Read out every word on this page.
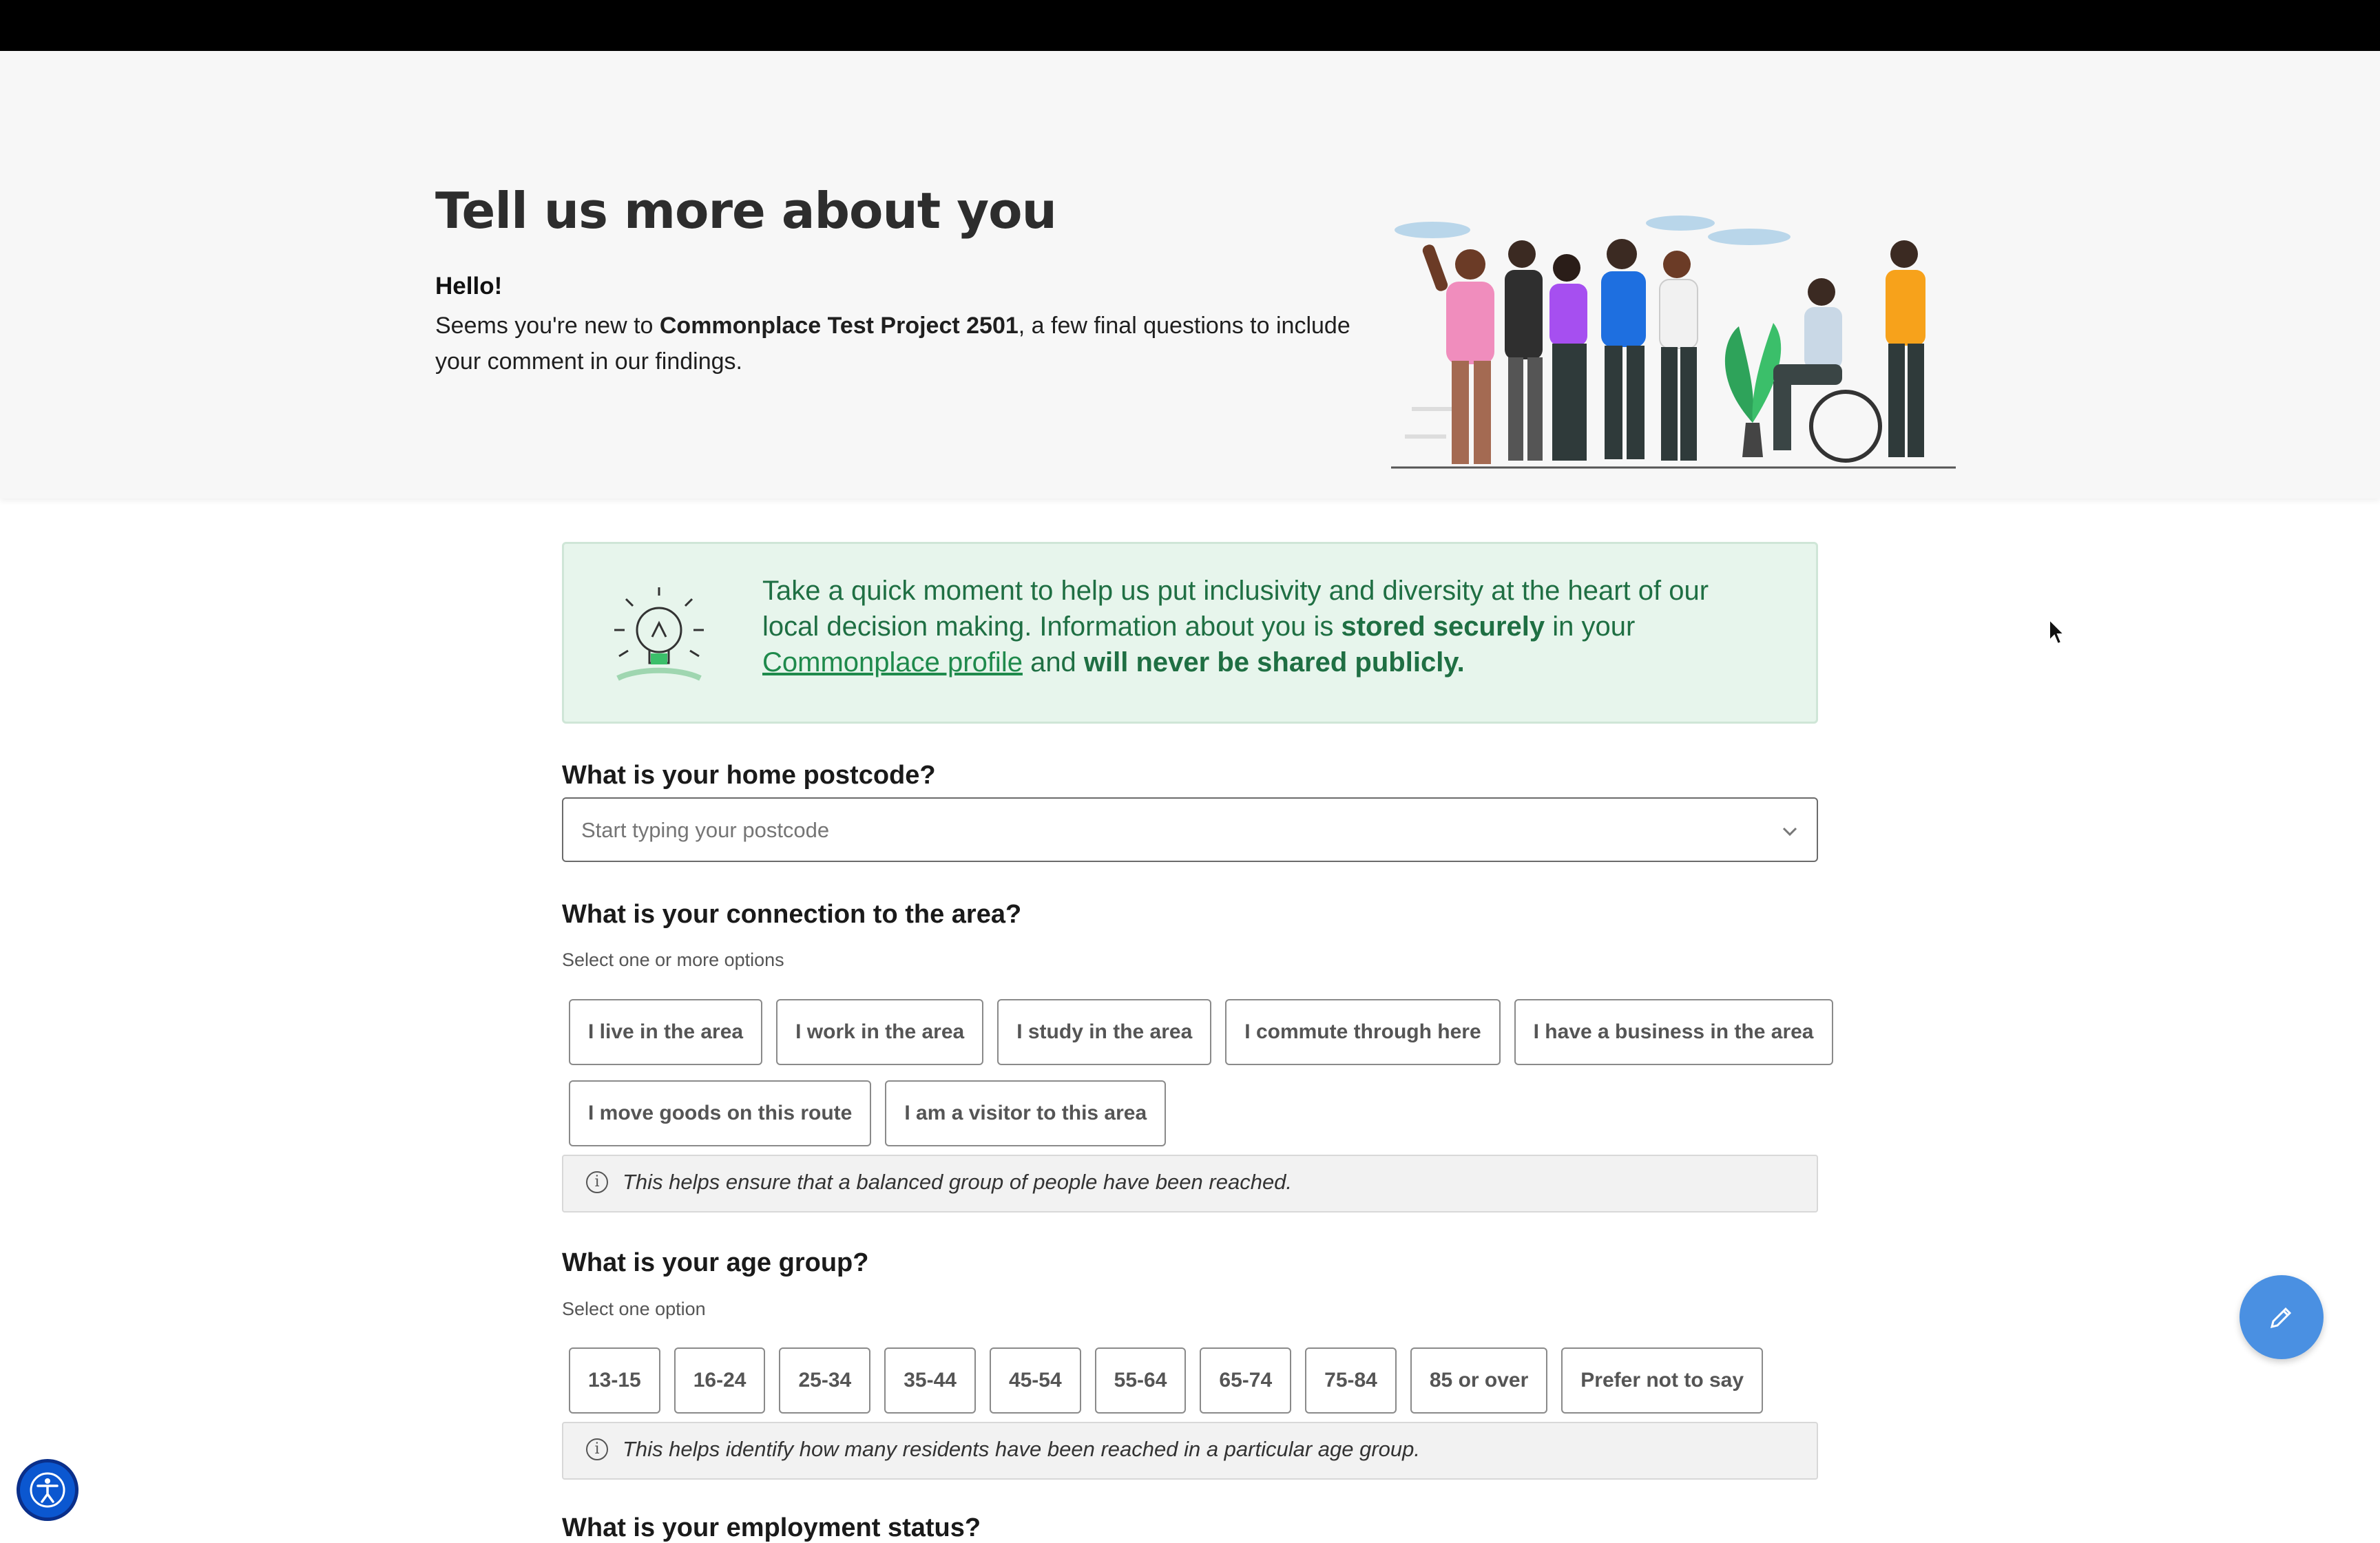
Tell us more about you
Hello!
Seems you're new to Commonplace Test Project 2501, a few final questions to include your comment in our findings.
Take a quick moment to help us put inclusivity and diversity at the heart of our local decision making. Information about you is stored securely in your Commonplace profile and will never be shared publicly.
What is your home postcode?
Start typing your postcode
What is your connection to the area?
Select one or more options
I live in the area	I work in the area	I study in the area	I commute through here	I have a business in the area
I move goods on this route	I am a visitor to this area
i	This helps ensure that a balanced group of people have been reached.
What is your age group?
Select one option
13-15	16-24	25-34	35-44	45-54	55-64	65-74	75-84	85 or over	Prefer not to say
i	This helps identify how many residents have been reached in a particular age group.
What is your employment status?
